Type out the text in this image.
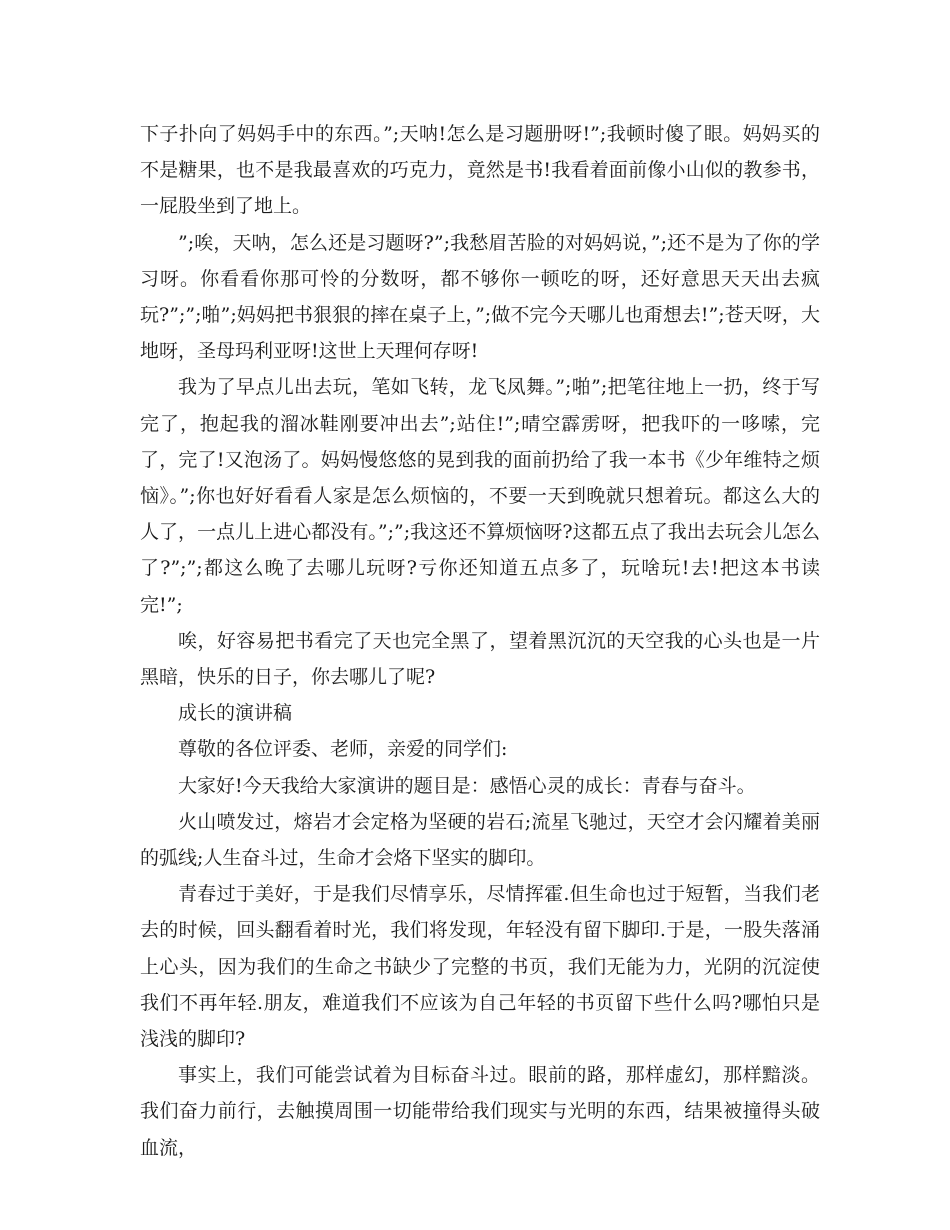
下子扑向了妈妈手中的东西。”;天呐!怎么是习题册呀!”;我顿时傻了眼。妈妈买的不是糖果，也不是我最喜欢的巧克力，竟然是书!我看着面前像小山似的教参书，一屁股坐到了地上。

”;唉，天呐，怎么还是习题呀?”;我愁眉苦脸的对妈妈说，”;还不是为了你的学习呀。你看看你那可怜的分数呀，都不够你一顿吃的呀，还好意思天天出去疯玩?”;”;啪”;妈妈把书狠狠的摔在桌子上，”;做不完今天哪儿也甭想去!”;苍天呀，大地呀，圣母玛利亚呀!这世上天理何存呀!

我为了早点儿出去玩，笔如飞转，龙飞凤舞。”;啪”;把笔往地上一扔，终于写完了，抱起我的溜冰鞋刚要冲出去”;站住!”;晴空霹雳呀，把我吓的一哆嗦，完了，完了!又泡汤了。妈妈慢悠悠的晃到我的面前扔给了我一本书《少年维特之烦恼》。”;你也好好看看人家是怎么烦恼的，不要一天到晚就只想着玩。都这么大的人了，一点儿上进心都没有。”;”;我这还不算烦恼呀?这都五点了我出去玩会儿怎么了?”;”;都这么晚了去哪儿玩呀?亏你还知道五点多了，玩啥玩!去!把这本书读完!”;

唉，好容易把书看完了天也完全黑了，望着黑沉沉的天空我的心头也是一片黑暗，快乐的日子，你去哪儿了呢?

成长的演讲稿

尊敬的各位评委、老师，亲爱的同学们:

大家好!今天我给大家演讲的题目是：感悟心灵的成长：青春与奋斗。

火山喷发过，熔岩才会定格为坚硬的岩石;流星飞驰过，天空才会闪耀着美丽的弧线;人生奋斗过，生命才会烙下坚实的脚印。

青春过于美好，于是我们尽情享乐，尽情挥霍.但生命也过于短暂，当我们老去的时候，回头翻看着时光，我们将发现，年轻没有留下脚印.于是，一股失落涌上心头，因为我们的生命之书缺少了完整的书页，我们无能为力，光阴的沉淀使我们不再年轻.朋友，难道我们不应该为自己年轻的书页留下些什么吗?哪怕只是浅浅的脚印?

事实上，我们可能尝试着为目标奋斗过。眼前的路，那样虚幻，那样黯淡。我们奋力前行，去触摸周围一切能带给我们现实与光明的东西，结果被撞得头破血流，
